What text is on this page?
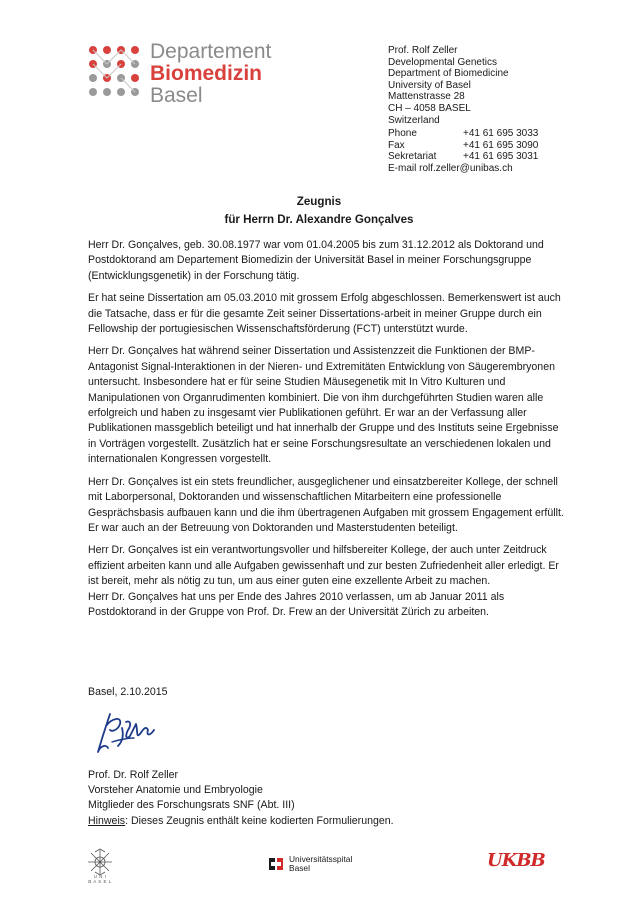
Departement
Biomedizin
Basel
Prof. Rolf Zeller
Developmental Genetics
Department of Biomedicine
University of Basel
Mattenstrasse 28
CH – 4058 BASEL
Switzerland
Phone	+41 61 695 3033
Fax	+41 61 695 3090
Sekretariat	+41 61 695 3031
E-mail rolf.zeller@unibas.ch
Zeugnis
für Herrn Dr. Alexandre Gonçalves

Herr Dr. Gonçalves, geb. 30.08.1977 war vom 01.04.2005 bis zum 31.12.2012 als Doktorand und Postdoktorand am Departement Biomedizin der Universität Basel in meiner Forschungsgruppe (Entwicklungsgenetik) in der Forschung tätig.

Er hat seine Dissertation am 05.03.2010 mit grossem Erfolg abgeschlossen. Bemerkenswert ist auch die Tatsache, dass er für die gesamte Zeit seiner Dissertations-arbeit in meiner Gruppe durch ein Fellowship der portugiesischen Wissenschaftsförderung (FCT) unterstützt wurde.

Herr Dr. Gonçalves hat während seiner Dissertation und Assistenzzeit die Funktionen der BMP-Antagonist Signal-Interaktionen in der Nieren- und Extremitäten Entwicklung von Säugerembryonen untersucht. Insbesondere hat er für seine Studien Mäusegenetik mit In Vitro Kulturen und Manipulationen von Organrudimenten kombiniert. Die von ihm durchgeführten Studien waren alle erfolgreich und haben zu insgesamt vier Publikationen geführt. Er war an der Verfassung aller Publikationen massgeblich beteiligt und hat innerhalb der Gruppe und des Instituts seine Ergebnisse in Vorträgen vorgestellt. Zusätzlich hat er seine Forschungsresultate an verschiedenen lokalen und internationalen Kongressen vorgestellt.

Herr Dr. Gonçalves ist ein stets freundlicher, ausgeglichener und einsatzbereiter Kollege, der schnell mit Laborpersonal, Doktoranden und wissenschaftlichen Mitarbeitern eine professionelle Gesprächsbasis aufbauen kann und die ihm übertragenen Aufgaben mit grossem Engagement erfüllt. Er war auch an der Betreuung von Doktoranden und Masterstudenten beteiligt.

Herr Dr. Gonçalves ist ein verantwortungsvoller und hilfsbereiter Kollege, der auch unter Zeitdruck effizient arbeiten kann und alle Aufgaben gewissenhaft und zur besten Zufriedenheit aller erledigt. Er ist bereit, mehr als nötig zu tun, um aus einer guten eine exzellente Arbeit zu machen.

Herr Dr. Gonçalves hat uns per Ende des Jahres 2010 verlassen, um ab Januar 2011 als Postdoktorand in der Gruppe von Prof. Dr. Frew an der Universität Zürich zu arbeiten.

Basel, 2.10.2015
Prof. Dr. Rolf Zeller
Vorsteher Anatomie und Embryologie
Mitglieder des Forschungsrats SNF (Abt. III)
Hinweis: Dieses Zeugnis enthält keine kodierten Formulierungen.
U N I
B A S E L
Universitätsspital
Basel	UKBB
